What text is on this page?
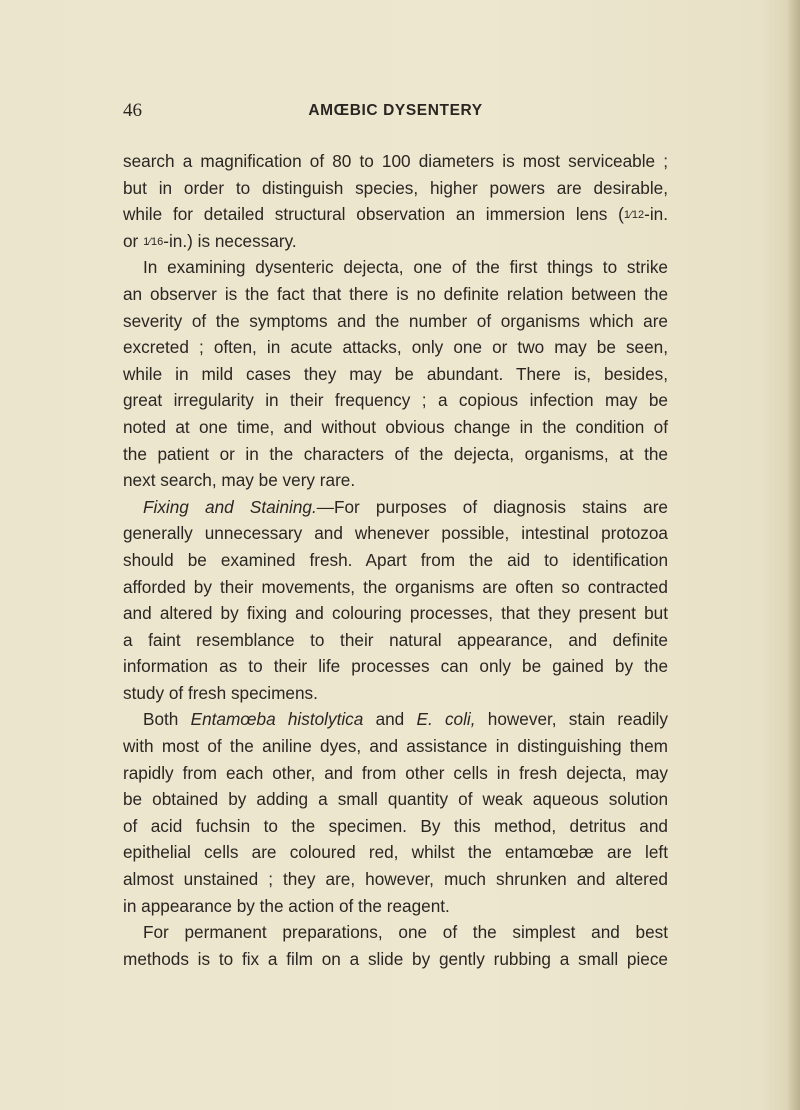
46	AMŒBIC DYSENTERY
search a magnification of 80 to 100 diameters is most serviceable ;
but in order to distinguish species, higher powers are desirable,
while for detailed structural observation an immersion lens (1⁄12-in.
or 1⁄16-in.) is necessary.
In examining dysenteric dejecta, one of the first things to strike
an observer is the fact that there is no definite relation between the
severity of the symptoms and the number of organisms which are
excreted ; often, in acute attacks, only one or two may be seen,
while in mild cases they may be abundant. There is, besides,
great irregularity in their frequency ; a copious infection may be
noted at one time, and without obvious change in the condition of
the patient or in the characters of the dejecta, organisms, at the
next search, may be very rare.
Fixing and Staining.—For purposes of diagnosis stains are
generally unnecessary and whenever possible, intestinal protozoa
should be examined fresh. Apart from the aid to identification
afforded by their movements, the organisms are often so contracted
and altered by fixing and colouring processes, that they present but
a faint resemblance to their natural appearance, and definite
information as to their life processes can only be gained by the
study of fresh specimens.
Both Entamœba histolytica and E. coli, however, stain readily
with most of the aniline dyes, and assistance in distinguishing them
rapidly from each other, and from other cells in fresh dejecta, may
be obtained by adding a small quantity of weak aqueous solution
of acid fuchsin to the specimen. By this method, detritus and
epithelial cells are coloured red, whilst the entamœbæ are left
almost unstained ; they are, however, much shrunken and altered
in appearance by the action of the reagent.
For permanent preparations, one of the simplest and best
methods is to fix a film on a slide by gently rubbing a small piece
